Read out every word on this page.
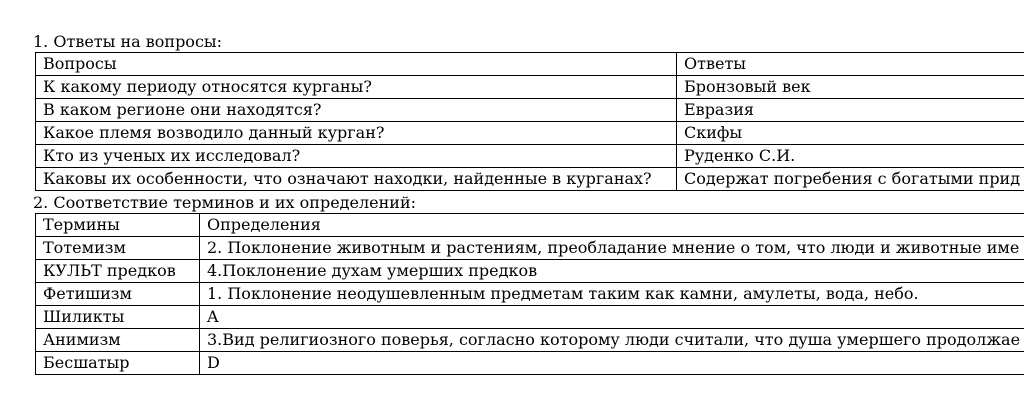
1. Ответы на вопросы:
Вопросы	Ответы
К какому периоду относятся курганы?	Бронзовый век
В каком регионе они находятся?	Евразия
Какое племя возводило данный курган?	Скифы
Кто из ученых их исследовал?	Руденко С.И.
Каковы их особенности, что означают находки, найденные в курганах?	Содержат погребения с богатыми прид
2. Соответствие терминов и их определений:
Термины	Определения
Тотемизм	2. Поклонение животным и растениям, преобладание мнение о том, что люди и животные име
КУЛЬТ предков	4.Поклонение духам умерших предков
Фетишизм	1. Поклонение неодушевленным предметам таким как камни, амулеты, вода, небо.
Шиликты	A
Анимизм	3.Вид религиозного поверья, согласно которому люди считали, что душа умершего продолжае
Бесшатыр	D
